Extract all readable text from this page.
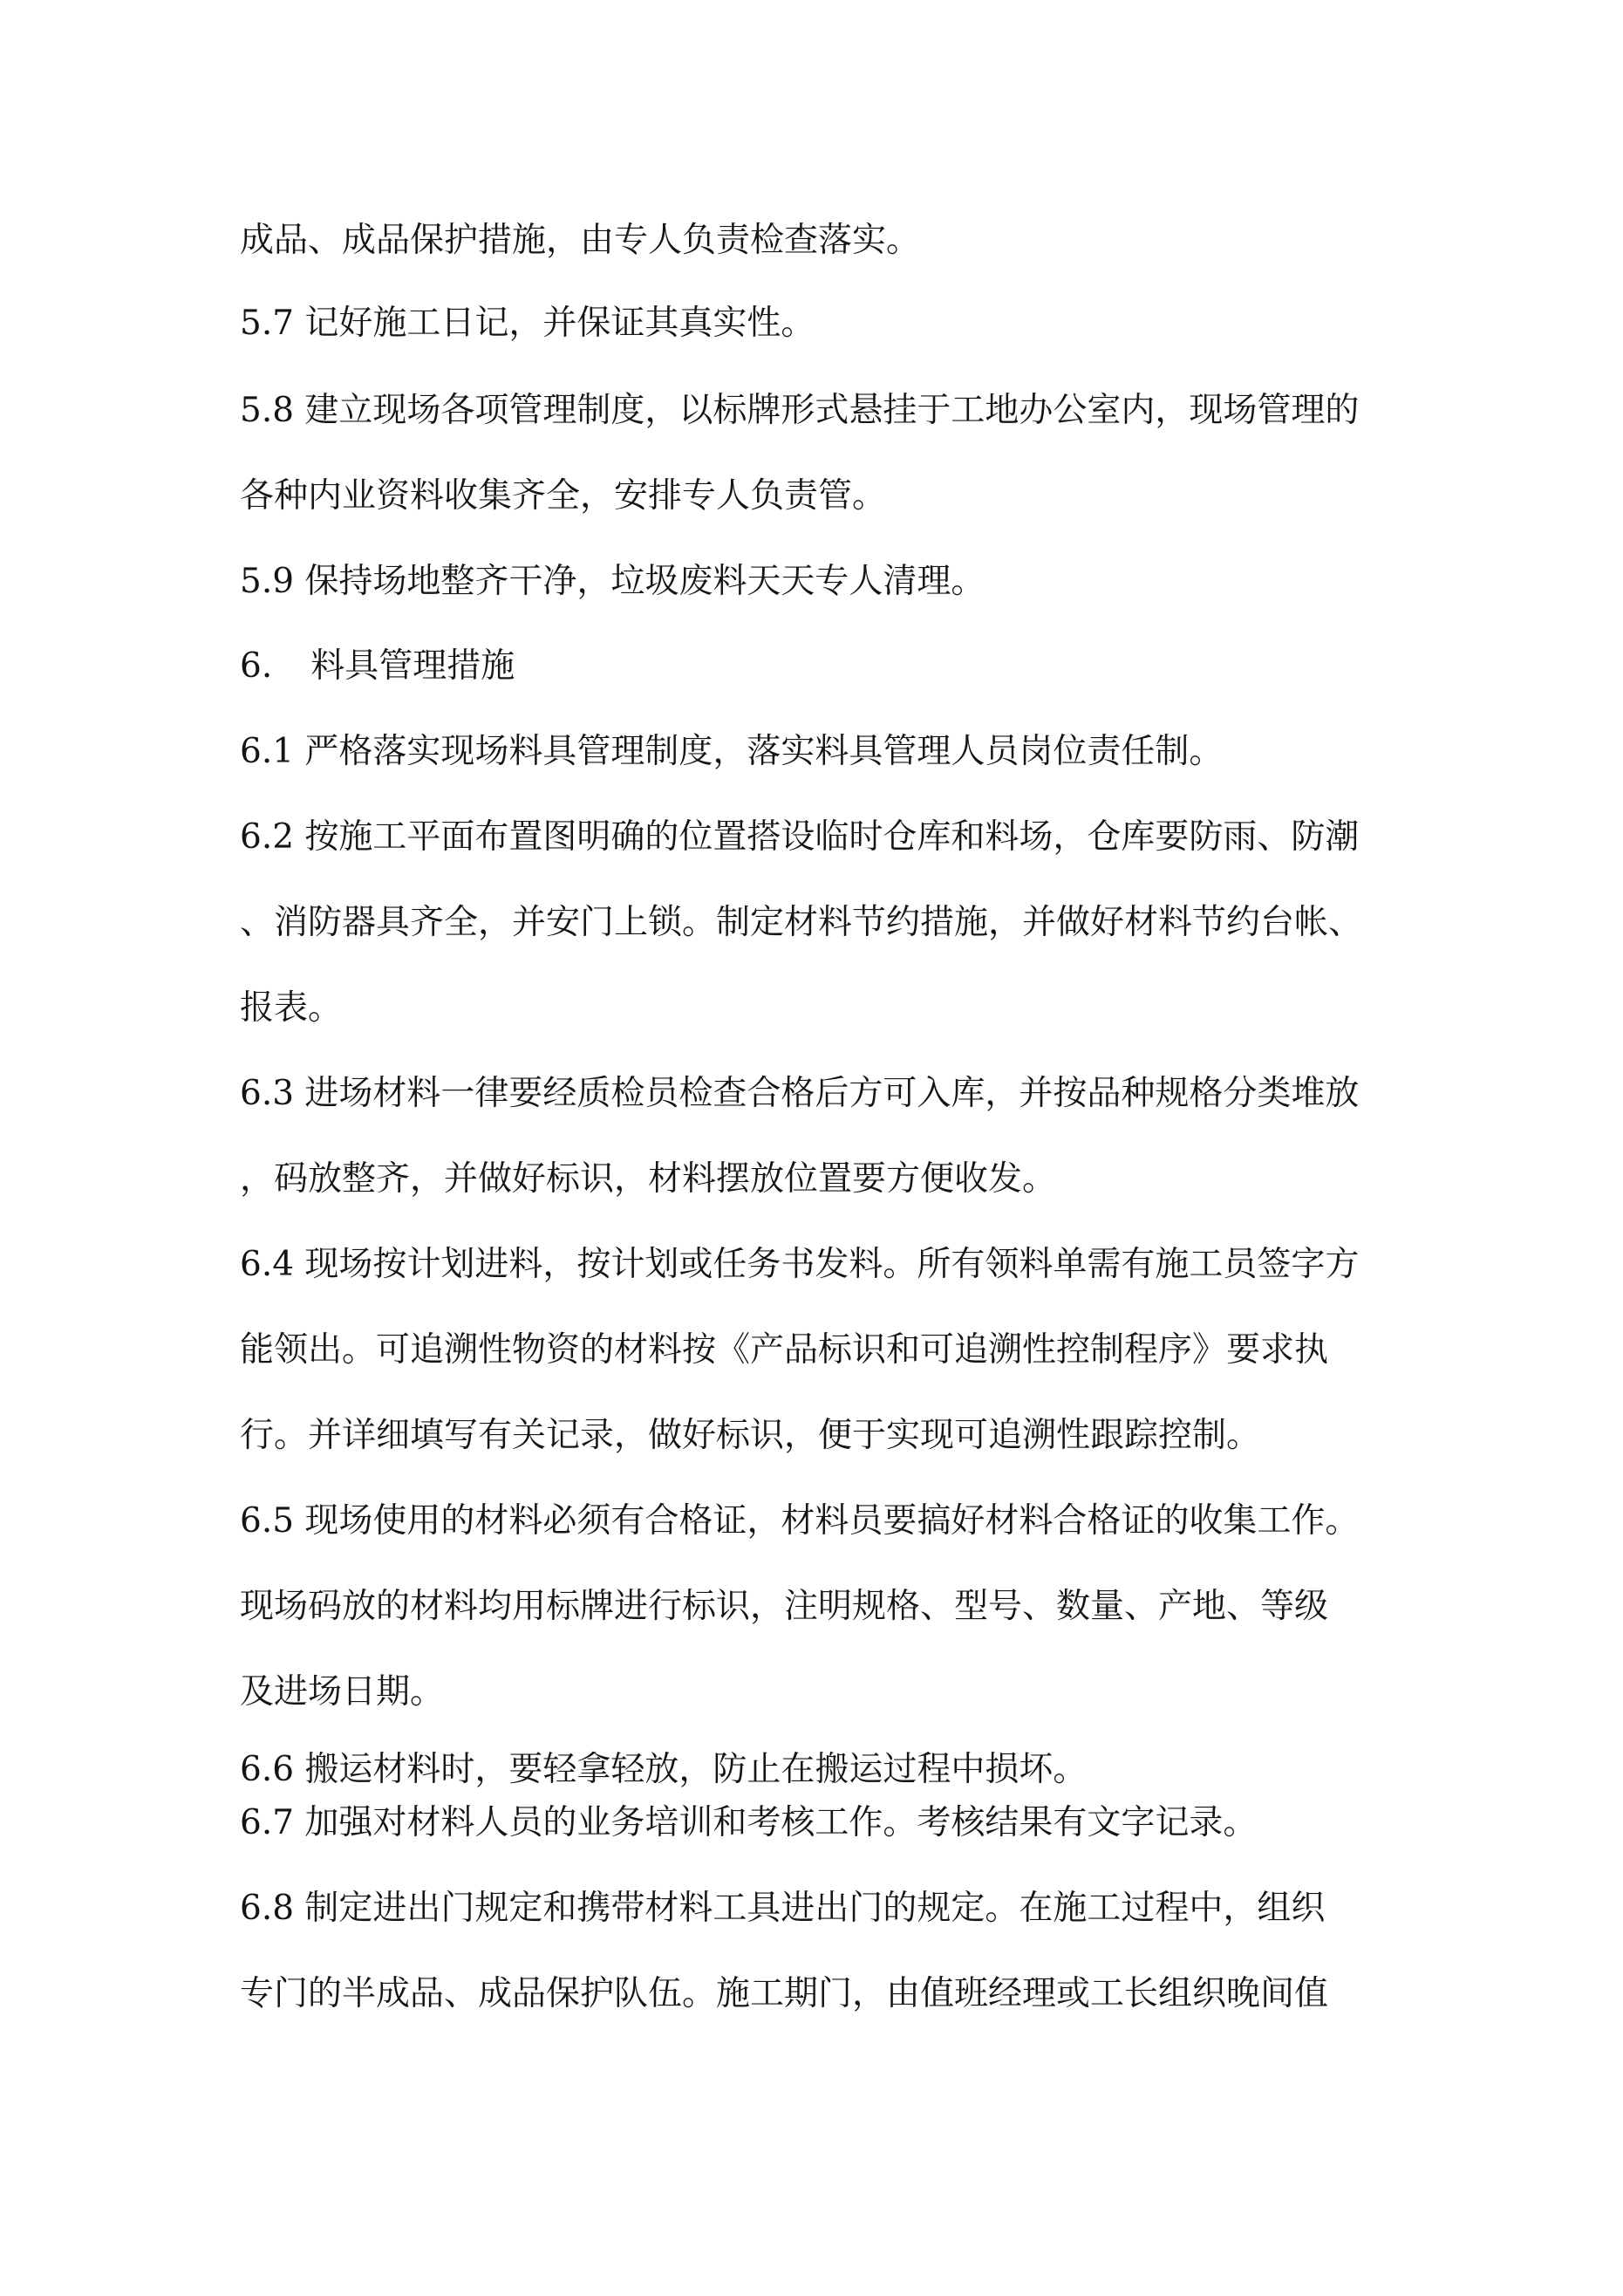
成品、成品保护措施，由专人负责检查落实。
5.7 记好施工日记，并保证其真实性。
5.8 建立现场各项管理制度，以标牌形式悬挂于工地办公室内，现场管理的
各种内业资料收集齐全，安排专人负责管。
5.9 保持场地整齐干净，垃圾废料天天专人清理。
6. 料具管理措施
6.1 严格落实现场料具管理制度，落实料具管理人员岗位责任制。
6.2 按施工平面布置图明确的位置搭设临时仓库和料场，仓库要防雨、防潮
、消防器具齐全，并安门上锁。制定材料节约措施，并做好材料节约台帐、
报表。
6.3 进场材料一律要经质检员检查合格后方可入库，并按品种规格分类堆放
，码放整齐，并做好标识，材料摆放位置要方便收发。
6.4 现场按计划进料，按计划或任务书发料。所有领料单需有施工员签字方
能领出。可追溯性物资的材料按《产品标识和可追溯性控制程序》要求执
行。并详细填写有关记录，做好标识，便于实现可追溯性跟踪控制。
6.5 现场使用的材料必须有合格证，材料员要搞好材料合格证的收集工作。
现场码放的材料均用标牌进行标识，注明规格、型号、数量、产地、等级
及进场日期。
6.6 搬运材料时，要轻拿轻放，防止在搬运过程中损坏。
6.7 加强对材料人员的业务培训和考核工作。考核结果有文字记录。
6.8 制定进出门规定和携带材料工具进出门的规定。在施工过程中，组织
专门的半成品、成品保护队伍。施工期门，由值班经理或工长组织晚间值
